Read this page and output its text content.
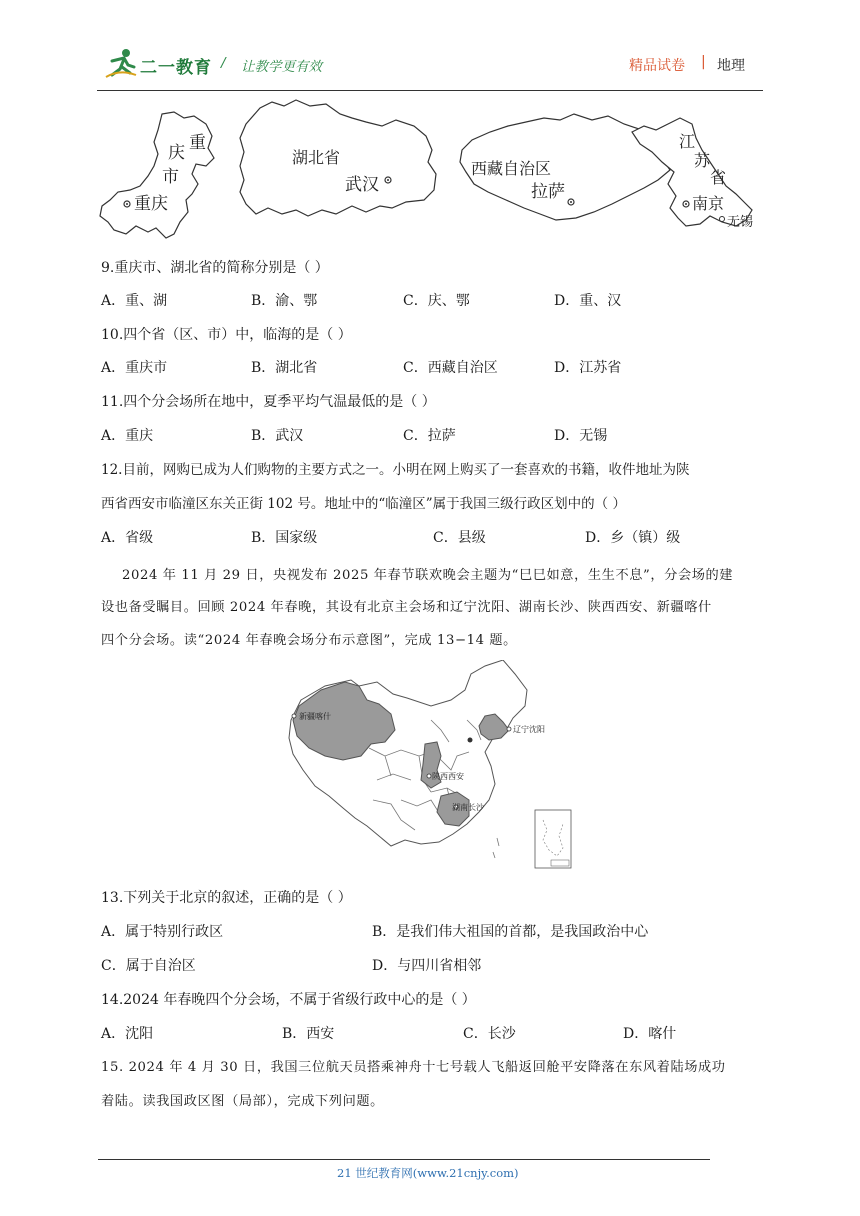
二一教育 / 让教学更有效	精品试卷 | 地理
重
庆
市
重庆
湖北省
武汉
西藏自治区
拉萨
江
苏
省
南京
无锡
9.重庆市、湖北省的简称分别是（ ）
A．重、湖	B．渝、鄂	C．庆、鄂	D．重、汉
10.四个省（区、市）中，临海的是（ ）
A．重庆市	B．湖北省	C．西藏自治区	D．江苏省
11.四个分会场所在地中，夏季平均气温最低的是（ ）
A．重庆	B．武汉	C．拉萨	D．无锡
12.目前，网购已成为人们购物的主要方式之一。小明在网上购买了一套喜欢的书籍，收件地址为陕
西省西安市临潼区东关正街 102 号。地址中的“临潼区”属于我国三级行政区划中的（ ）
A．省级	B．国家级	C．县级	D．乡（镇）级
2024 年 11 月 29 日，央视发布 2025 年春节联欢晚会主题为“巳巳如意，生生不息”，分会场的建
设也备受瞩目。回顾 2024 年春晚，其设有北京主会场和辽宁沈阳、湖南长沙、陕西西安、新疆喀什
四个分会场。读“2024 年春晚会场分布示意图”，完成 13−14 题。
新疆喀什
辽宁沈阳
陕西西安
湖南长沙
13.下列关于北京的叙述，正确的是（ ）
A．属于特别行政区	B．是我们伟大祖国的首都，是我国政治中心
C．属于自治区	D．与四川省相邻
14.2024 年春晚四个分会场，不属于省级行政中心的是（ ）
A．沈阳	B．西安	C．长沙	D．喀什
15. 2024 年 4 月 30 日，我国三位航天员搭乘神舟十七号载人飞船返回舱平安降落在东风着陆场成功
着陆。读我国政区图（局部），完成下列问题。
21 世纪教育网(www.21cnjy.com)
